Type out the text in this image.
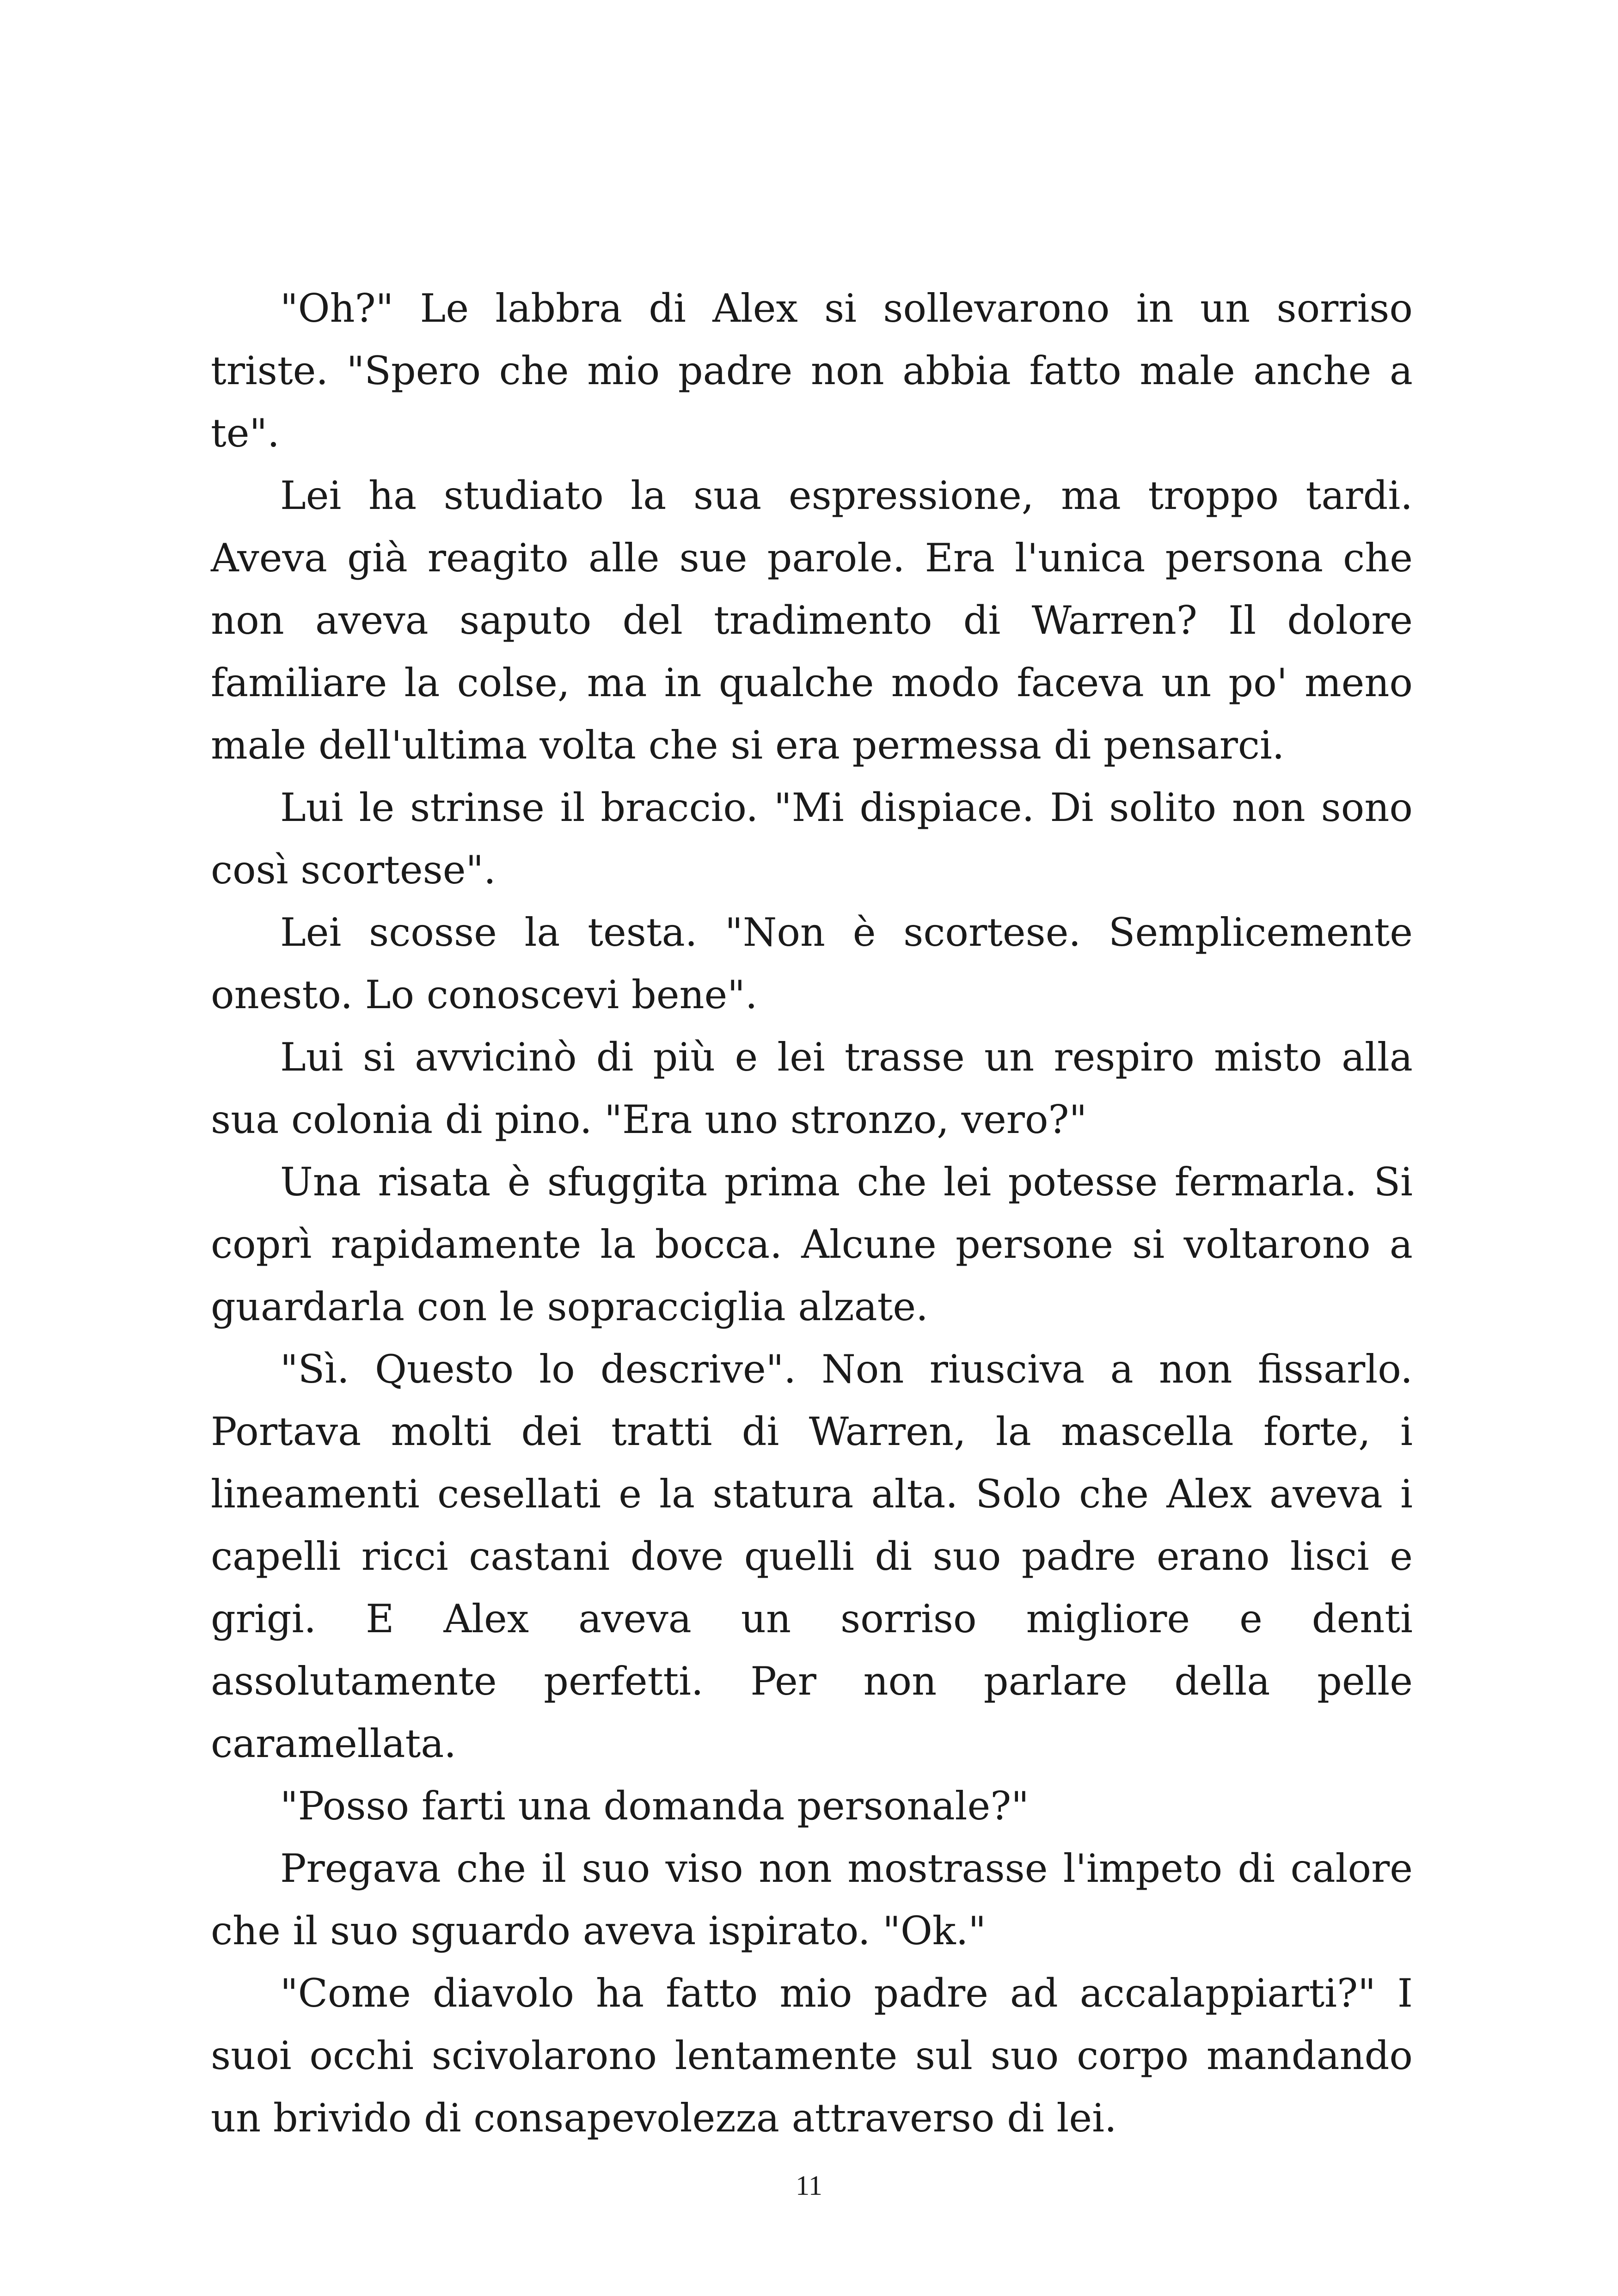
"Oh?" Le labbra di Alex si sollevarono in un sorriso triste. "Spero che mio padre non abbia fatto male anche a te".

Lei ha studiato la sua espressione, ma troppo tardi. Aveva già reagito alle sue parole. Era l'unica persona che non aveva saputo del tradimento di Warren? Il dolore familiare la colse, ma in qualche modo faceva un po' meno male dell'ultima volta che si era permessa di pensarci.

Lui le strinse il braccio. "Mi dispiace. Di solito non sono così scortese".

Lei scosse la testa. "Non è scortese. Semplicemente onesto. Lo conoscevi bene".

Lui si avvicinò di più e lei trasse un respiro misto alla sua colonia di pino. "Era uno stronzo, vero?"

Una risata è sfuggita prima che lei potesse fermarla. Si coprì rapidamente la bocca. Alcune persone si voltarono a guardarla con le sopracciglia alzate.

"Sì. Questo lo descrive". Non riusciva a non fissarlo. Portava molti dei tratti di Warren, la mascella forte, i lineamenti cesellati e la statura alta. Solo che Alex aveva i capelli ricci castani dove quelli di suo padre erano lisci e grigi. E Alex aveva un sorriso migliore e denti assolutamente perfetti. Per non parlare della pelle caramellata.

"Posso farti una domanda personale?"

Pregava che il suo viso non mostrasse l'impeto di calore che il suo sguardo aveva ispirato. "Ok."

"Come diavolo ha fatto mio padre ad accalappiarti?" I suoi occhi scivolarono lentamente sul suo corpo mandando un brivido di consapevolezza attraverso di lei.

11
